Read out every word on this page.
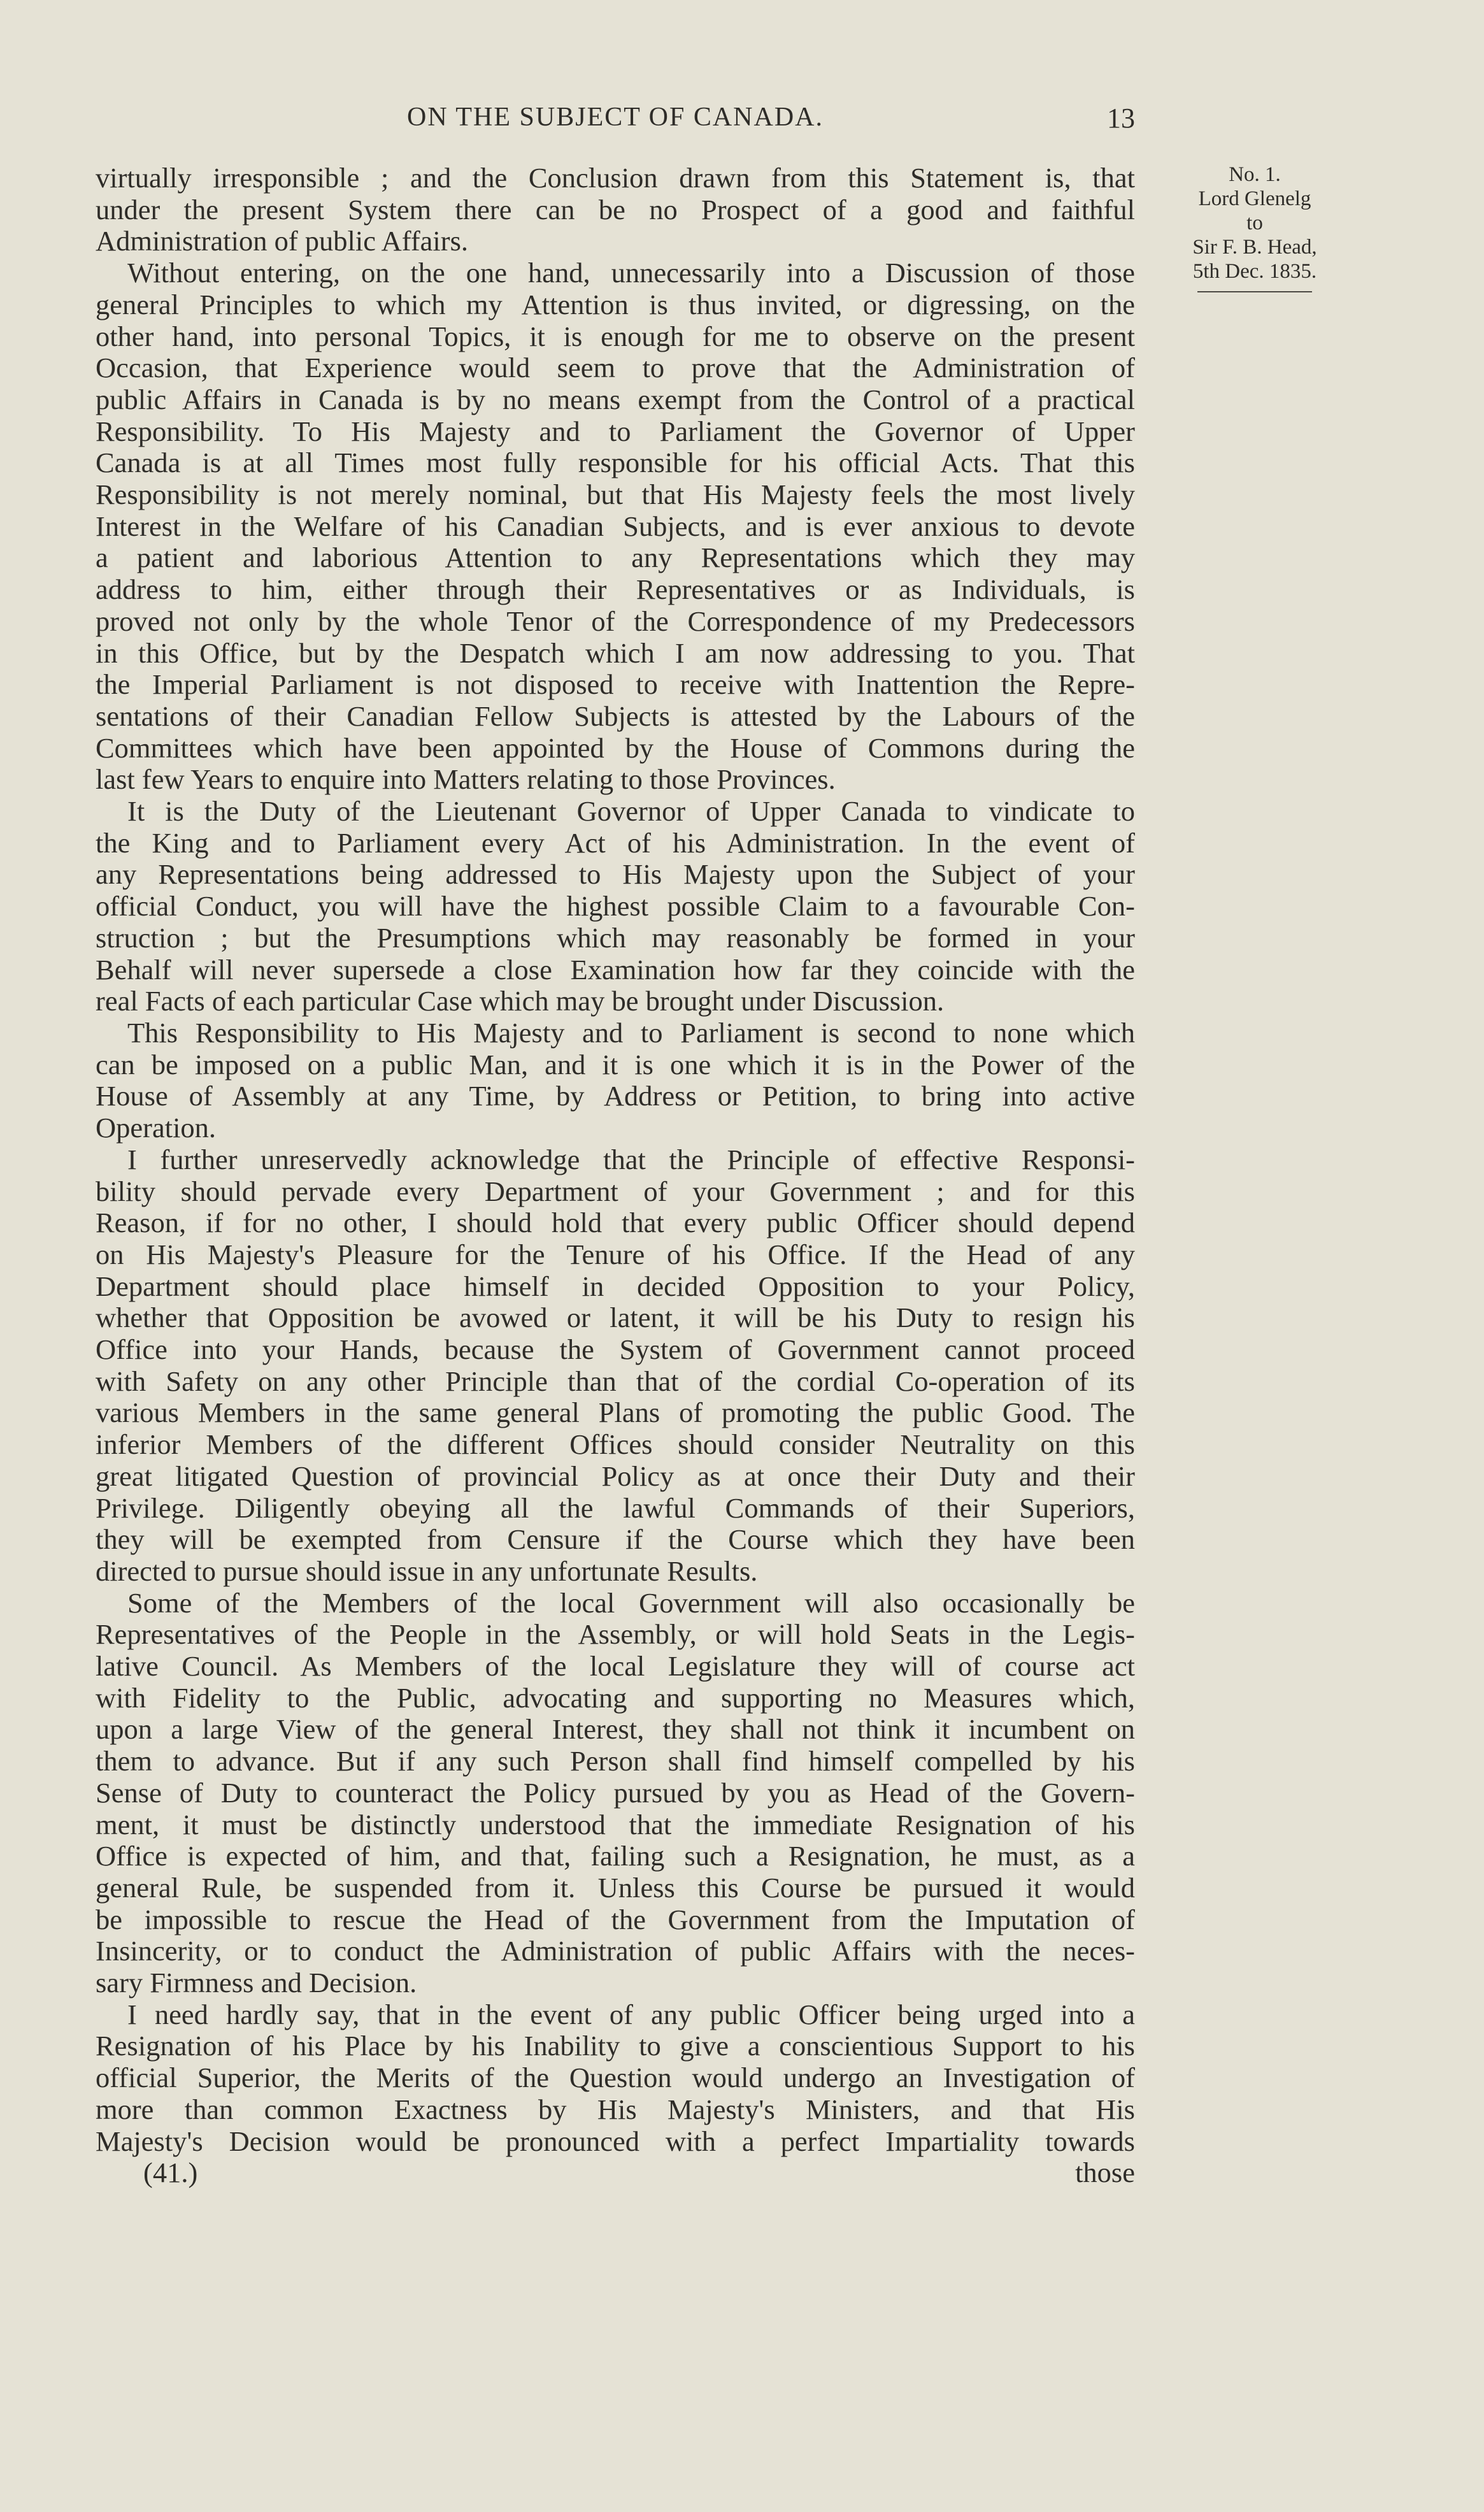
ON THE SUBJECT OF CANADA.	13
virtually irresponsible ; and the Conclusion drawn from this Statement is, that
under the present System there can be no Prospect of a good and faithful
Administration of public Affairs.
Without entering, on the one hand, unnecessarily into a Discussion of those
general Principles to which my Attention is thus invited, or digressing, on the
other hand, into personal Topics, it is enough for me to observe on the present
Occasion, that Experience would seem to prove that the Administration of
public Affairs in Canada is by no means exempt from the Control of a practical
Responsibility. To His Majesty and to Parliament the Governor of Upper
Canada is at all Times most fully responsible for his official Acts. That this
Responsibility is not merely nominal, but that His Majesty feels the most lively
Interest in the Welfare of his Canadian Subjects, and is ever anxious to devote
a patient and laborious Attention to any Representations which they may
address to him, either through their Representatives or as Individuals, is
proved not only by the whole Tenor of the Correspondence of my Predecessors
in this Office, but by the Despatch which I am now addressing to you. That
the Imperial Parliament is not disposed to receive with Inattention the Repre-
sentations of their Canadian Fellow Subjects is attested by the Labours of the
Committees which have been appointed by the House of Commons during the
last few Years to enquire into Matters relating to those Provinces.
It is the Duty of the Lieutenant Governor of Upper Canada to vindicate to
the King and to Parliament every Act of his Administration. In the event of
any Representations being addressed to His Majesty upon the Subject of your
official Conduct, you will have the highest possible Claim to a favourable Con-
struction ; but the Presumptions which may reasonably be formed in your
Behalf will never supersede a close Examination how far they coincide with the
real Facts of each particular Case which may be brought under Discussion.
This Responsibility to His Majesty and to Parliament is second to none which
can be imposed on a public Man, and it is one which it is in the Power of the
House of Assembly at any Time, by Address or Petition, to bring into active
Operation.
I further unreservedly acknowledge that the Principle of effective Responsi-
bility should pervade every Department of your Government ; and for this
Reason, if for no other, I should hold that every public Officer should depend
on His Majesty's Pleasure for the Tenure of his Office. If the Head of any
Department should place himself in decided Opposition to your Policy,
whether that Opposition be avowed or latent, it will be his Duty to resign his
Office into your Hands, because the System of Government cannot proceed
with Safety on any other Principle than that of the cordial Co-operation of its
various Members in the same general Plans of promoting the public Good. The
inferior Members of the different Offices should consider Neutrality on this
great litigated Question of provincial Policy as at once their Duty and their
Privilege. Diligently obeying all the lawful Commands of their Superiors,
they will be exempted from Censure if the Course which they have been
directed to pursue should issue in any unfortunate Results.
Some of the Members of the local Government will also occasionally be
Representatives of the People in the Assembly, or will hold Seats in the Legis-
lative Council. As Members of the local Legislature they will of course act
with Fidelity to the Public, advocating and supporting no Measures which,
upon a large View of the general Interest, they shall not think it incumbent on
them to advance. But if any such Person shall find himself compelled by his
Sense of Duty to counteract the Policy pursued by you as Head of the Govern-
ment, it must be distinctly understood that the immediate Resignation of his
Office is expected of him, and that, failing such a Resignation, he must, as a
general Rule, be suspended from it. Unless this Course be pursued it would
be impossible to rescue the Head of the Government from the Imputation of
Insincerity, or to conduct the Administration of public Affairs with the neces-
sary Firmness and Decision.
I need hardly say, that in the event of any public Officer being urged into a
Resignation of his Place by his Inability to give a conscientious Support to his
official Superior, the Merits of the Question would undergo an Investigation of
more than common Exactness by His Majesty's Ministers, and that His
Majesty's Decision would be pronounced with a perfect Impartiality towards
(41.)	those
No. 1.
Lord Glenelg
to
Sir F. B. Head,
5th Dec. 1835.
